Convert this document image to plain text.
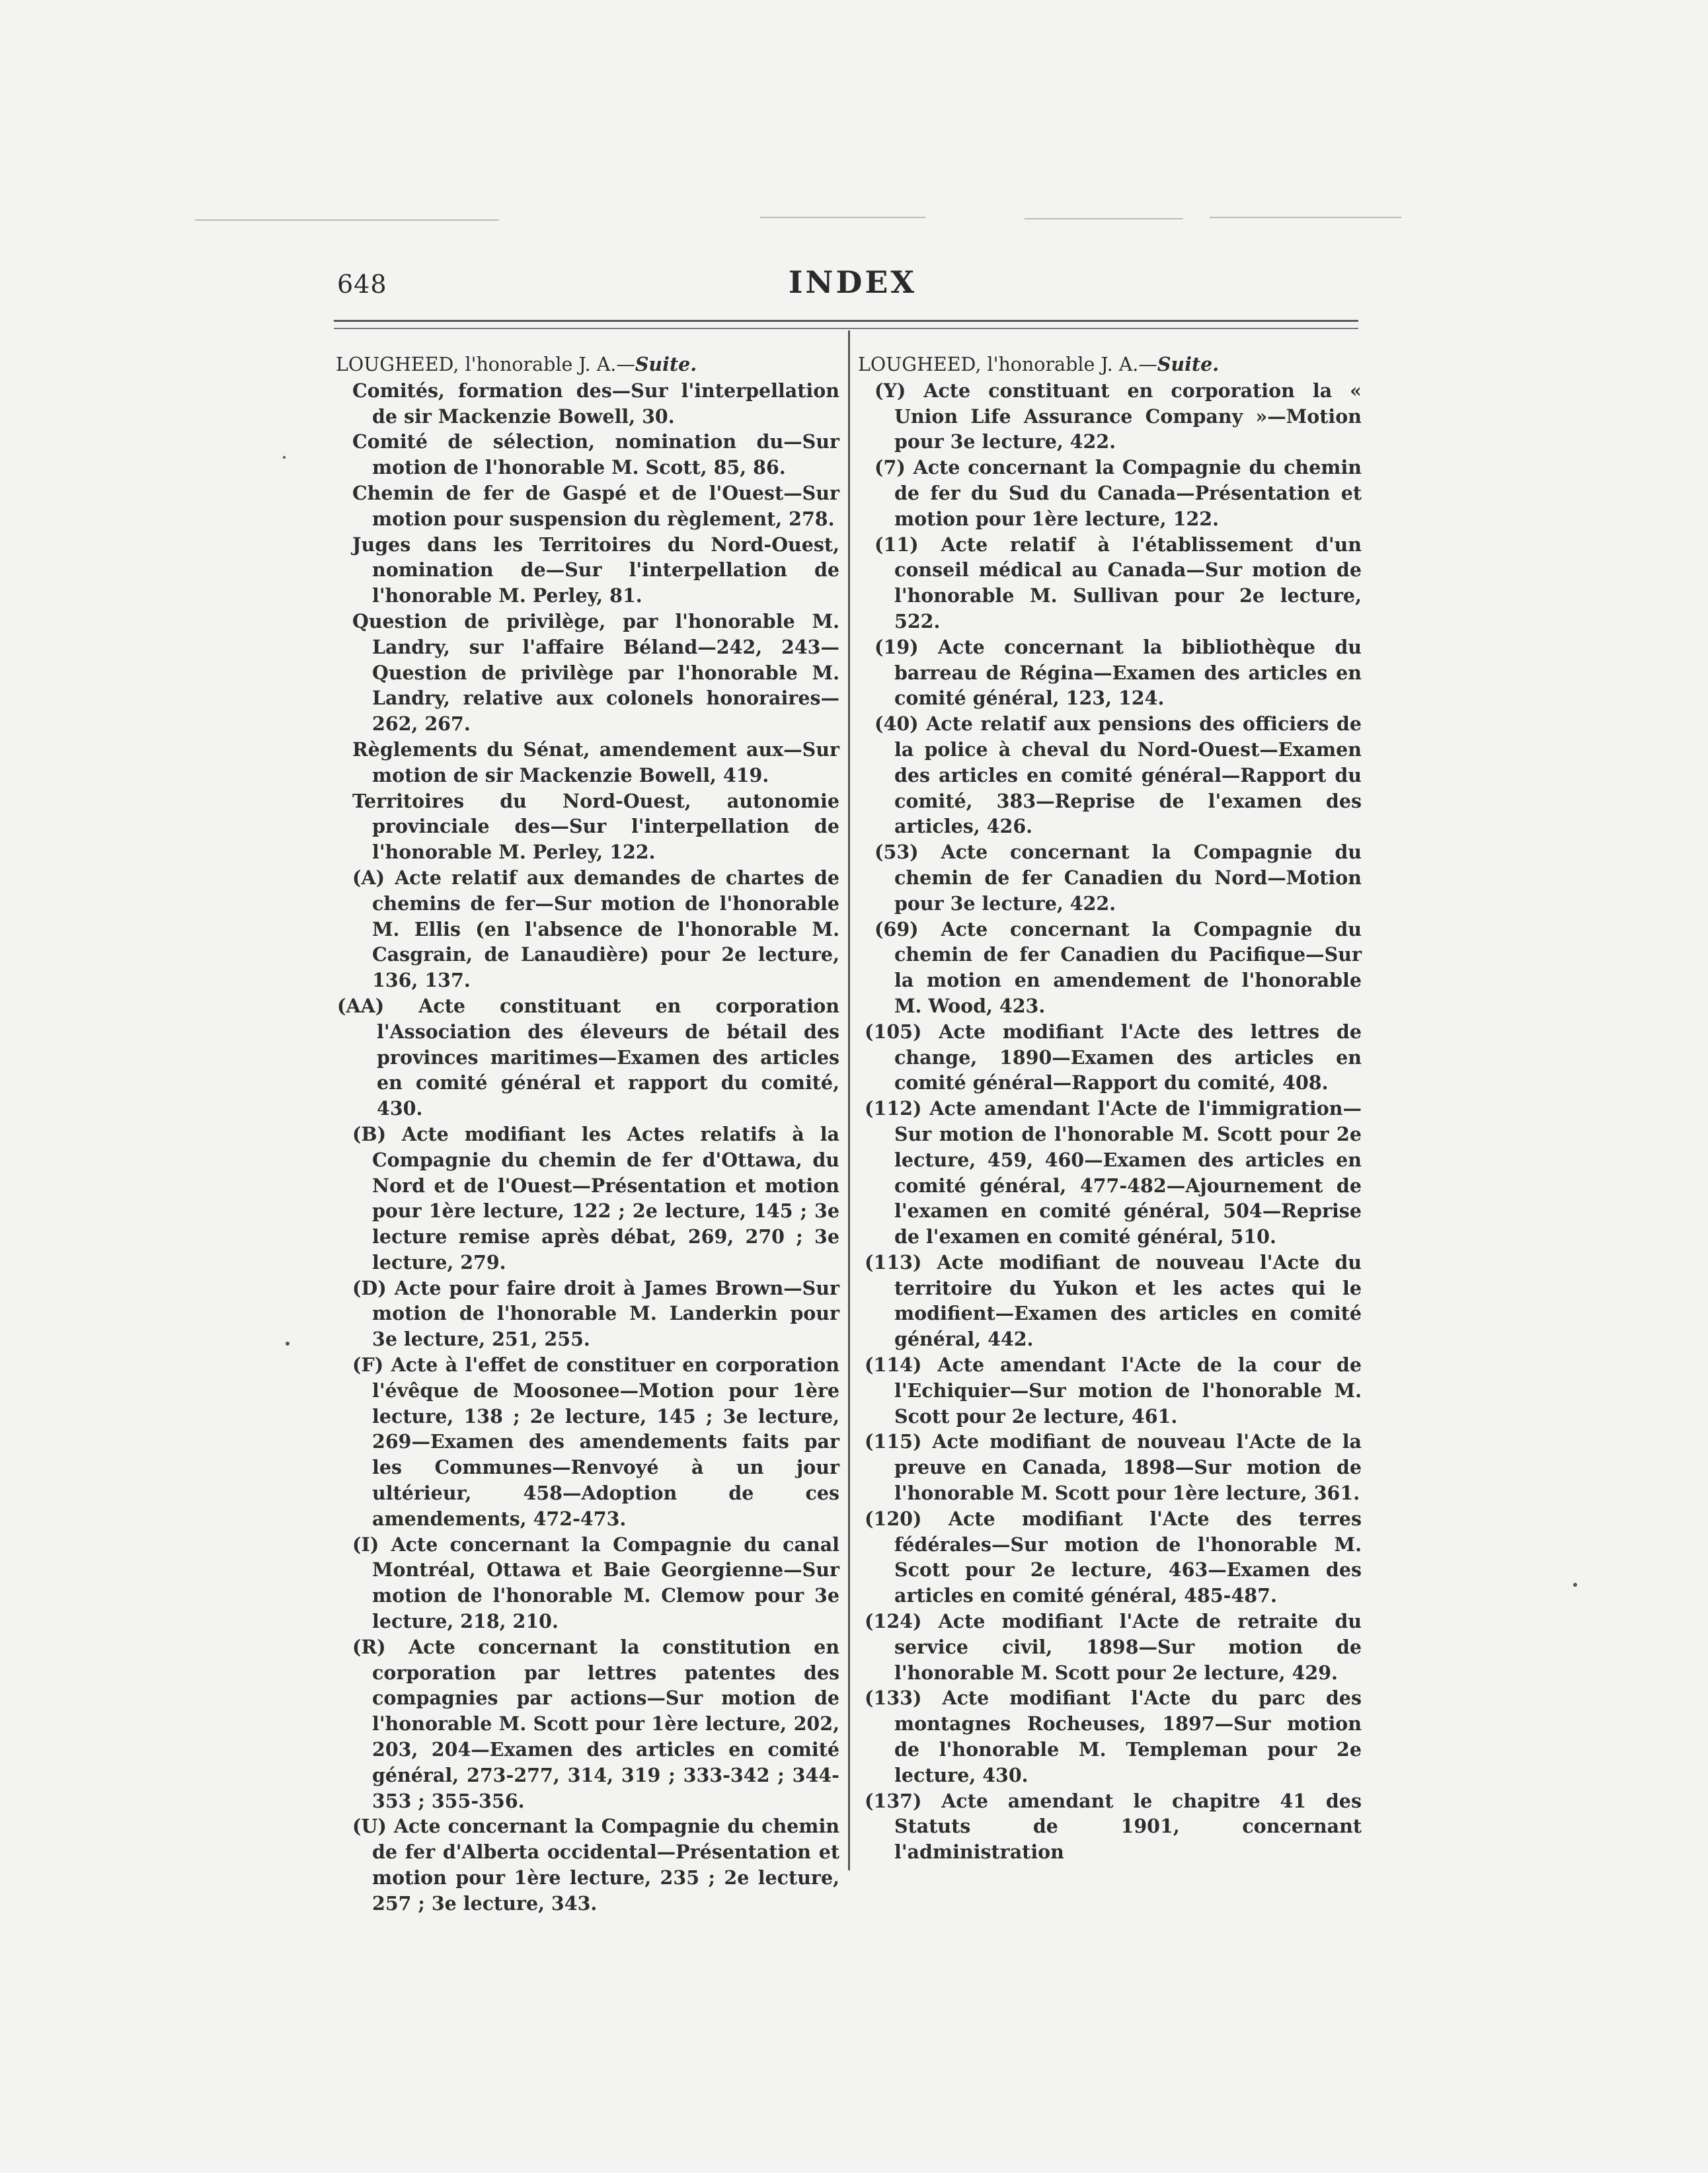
648	INDEX

LOUGHEED, l'honorable J. A.—Suite.

Comités, formation des—Sur l'interpellation de sir Mackenzie Bowell, 30.

Comité de sélection, nomination du—Sur motion de l'honorable M. Scott, 85, 86.

Chemin de fer de Gaspé et de l'Ouest—Sur motion pour suspension du règlement, 278.

Juges dans les Territoires du Nord-Ouest, nomination de—Sur l'interpellation de l'honorable M. Perley, 81.

Question de privilège, par l'honorable M. Landry, sur l'affaire Béland—242, 243—Question de privilège par l'honorable M. Landry, relative aux colonels honoraires—262, 267.

Règlements du Sénat, amendement aux—Sur motion de sir Mackenzie Bowell, 419.

Territoires du Nord-Ouest, autonomie provinciale des—Sur l'interpellation de l'honorable M. Perley, 122.

(A) Acte relatif aux demandes de chartes de chemins de fer—Sur motion de l'honorable M. Ellis (en l'absence de l'honorable M. Casgrain, de Lanaudière) pour 2e lecture, 136, 137.

(AA) Acte constituant en corporation l'Association des éleveurs de bétail des provinces maritimes—Examen des articles en comité général et rapport du comité, 430.

(B) Acte modifiant les Actes relatifs à la Compagnie du chemin de fer d'Ottawa, du Nord et de l'Ouest—Présentation et motion pour 1ère lecture, 122 ; 2e lecture, 145 ; 3e lecture remise après débat, 269, 270 ; 3e lecture, 279.

(D) Acte pour faire droit à James Brown—Sur motion de l'honorable M. Landerkin pour 3e lecture, 251, 255.

(F) Acte à l'effet de constituer en corporation l'évêque de Moosonee—Motion pour 1ère lecture, 138 ; 2e lecture, 145 ; 3e lecture, 269—Examen des amendements faits par les Communes—Renvoyé à un jour ultérieur, 458—Adoption de ces amendements, 472-473.

(I) Acte concernant la Compagnie du canal Montréal, Ottawa et Baie Georgienne—Sur motion de l'honorable M. Clemow pour 3e lecture, 218, 210.

(R) Acte concernant la constitution en corporation par lettres patentes des compagnies par actions—Sur motion de l'honorable M. Scott pour 1ère lecture, 202, 203, 204—Examen des articles en comité général, 273-277, 314, 319 ; 333-342 ; 344-353 ; 355-356.

(U) Acte concernant la Compagnie du chemin de fer d'Alberta occidental—Présentation et motion pour 1ère lecture, 235 ; 2e lecture, 257 ; 3e lecture, 343.

LOUGHEED, l'honorable J. A.—Suite.

(Y) Acte constituant en corporation la « Union Life Assurance Company »—Motion pour 3e lecture, 422.

(7) Acte concernant la Compagnie du chemin de fer du Sud du Canada—Présentation et motion pour 1ère lecture, 122.

(11) Acte relatif à l'établissement d'un conseil médical au Canada—Sur motion de l'honorable M. Sullivan pour 2e lecture, 522.

(19) Acte concernant la bibliothèque du barreau de Régina—Examen des articles en comité général, 123, 124.

(40) Acte relatif aux pensions des officiers de la police à cheval du Nord-Ouest—Examen des articles en comité général—Rapport du comité, 383—Reprise de l'examen des articles, 426.

(53) Acte concernant la Compagnie du chemin de fer Canadien du Nord—Motion pour 3e lecture, 422.

(69) Acte concernant la Compagnie du chemin de fer Canadien du Pacifique—Sur la motion en amendement de l'honorable M. Wood, 423.

(105) Acte modifiant l'Acte des lettres de change, 1890—Examen des articles en comité général—Rapport du comité, 408.

(112) Acte amendant l'Acte de l'immigration—Sur motion de l'honorable M. Scott pour 2e lecture, 459, 460—Examen des articles en comité général, 477-482—Ajournement de l'examen en comité général, 504—Reprise de l'examen en comité général, 510.

(113) Acte modifiant de nouveau l'Acte du territoire du Yukon et les actes qui le modifient—Examen des articles en comité général, 442.

(114) Acte amendant l'Acte de la cour de l'Echiquier—Sur motion de l'honorable M. Scott pour 2e lecture, 461.

(115) Acte modifiant de nouveau l'Acte de la preuve en Canada, 1898—Sur motion de l'honorable M. Scott pour 1ère lecture, 361.

(120) Acte modifiant l'Acte des terres fédérales—Sur motion de l'honorable M. Scott pour 2e lecture, 463—Examen des articles en comité général, 485-487.

(124) Acte modifiant l'Acte de retraite du service civil, 1898—Sur motion de l'honorable M. Scott pour 2e lecture, 429.

(133) Acte modifiant l'Acte du parc des montagnes Rocheuses, 1897—Sur motion de l'honorable M. Templeman pour 2e lecture, 430.

(137) Acte amendant le chapitre 41 des Statuts de 1901, concernant l'administration
